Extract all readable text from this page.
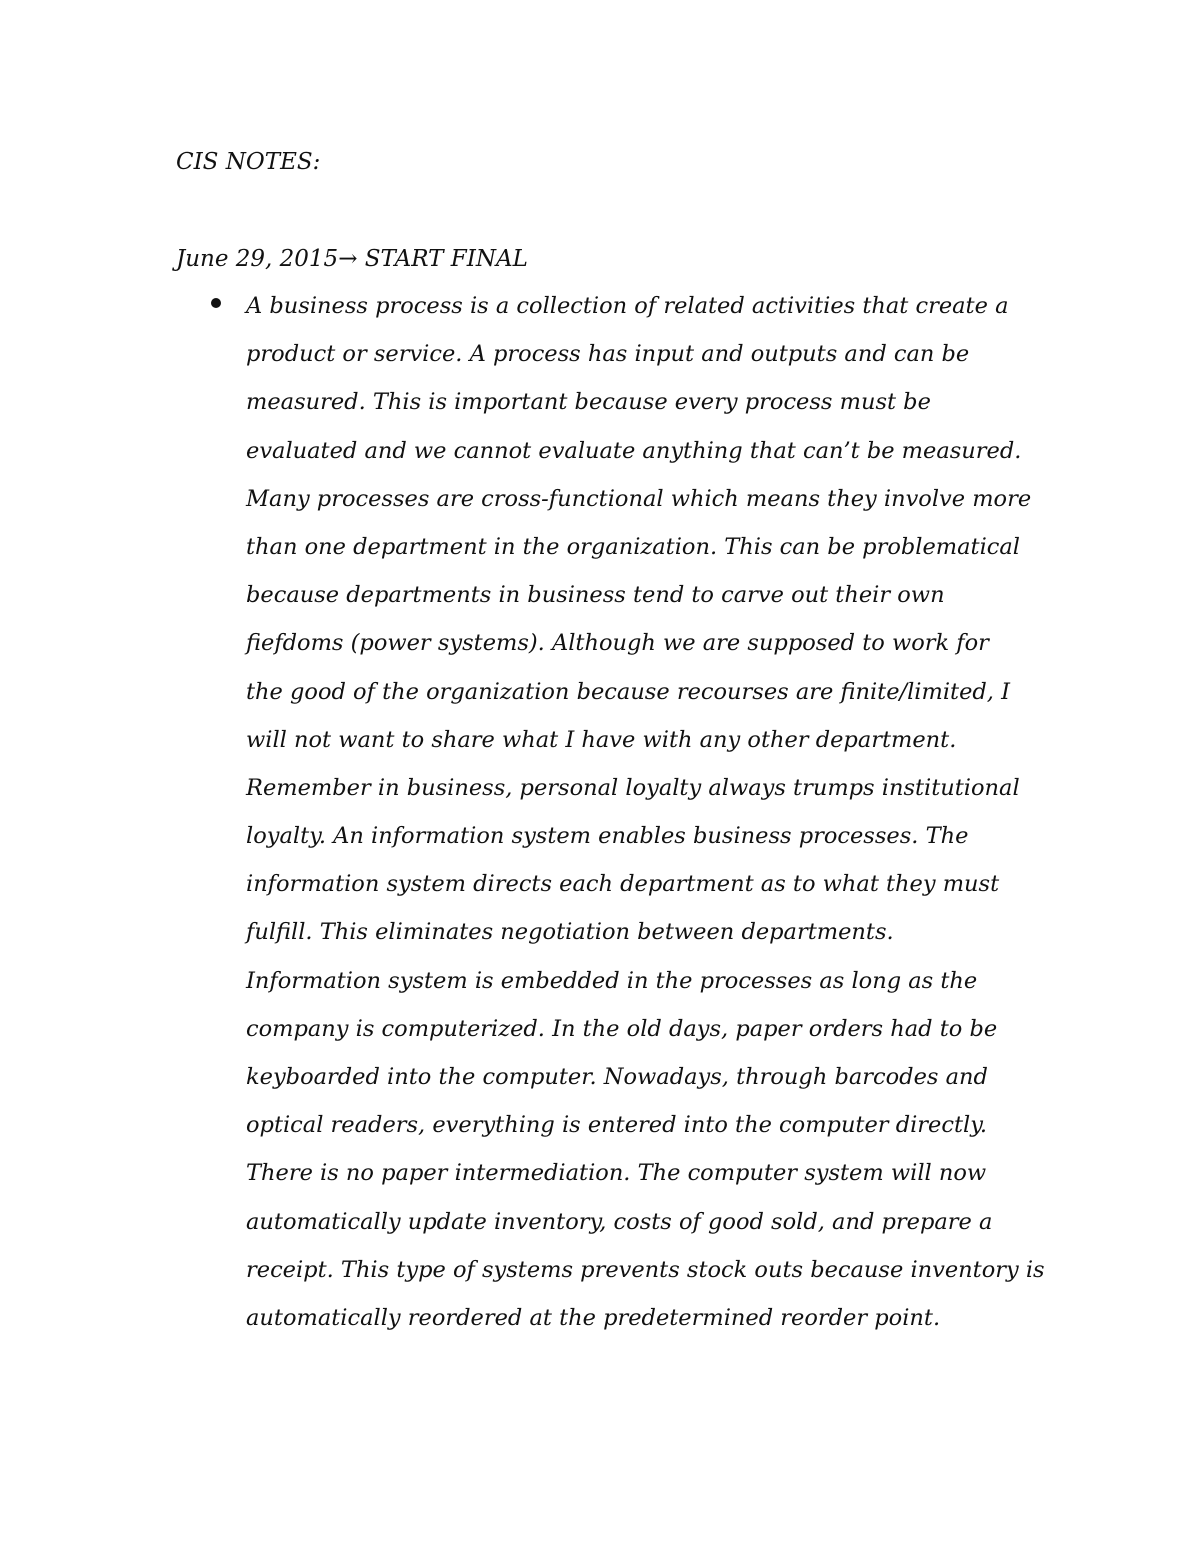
CIS NOTES:
June 29, 2015→ START FINAL
A business process is a collection of related activities that create a
product or service. A process has input and outputs and can be
measured. This is important because every process must be
evaluated and we cannot evaluate anything that can’t be measured.
Many processes are cross-functional which means they involve more
than one department in the organization. This can be problematical
because departments in business tend to carve out their own
fiefdoms (power systems). Although we are supposed to work for
the good of the organization because recourses are finite/limited, I
will not want to share what I have with any other department.
Remember in business, personal loyalty always trumps institutional
loyalty. An information system enables business processes. The
information system directs each department as to what they must
fulfill. This eliminates negotiation between departments.
Information system is embedded in the processes as long as the
company is computerized. In the old days, paper orders had to be
keyboarded into the computer. Nowadays, through barcodes and
optical readers, everything is entered into the computer directly.
There is no paper intermediation. The computer system will now
automatically update inventory, costs of good sold, and prepare a
receipt. This type of systems prevents stock outs because inventory is
automatically reordered at the predetermined reorder point.
